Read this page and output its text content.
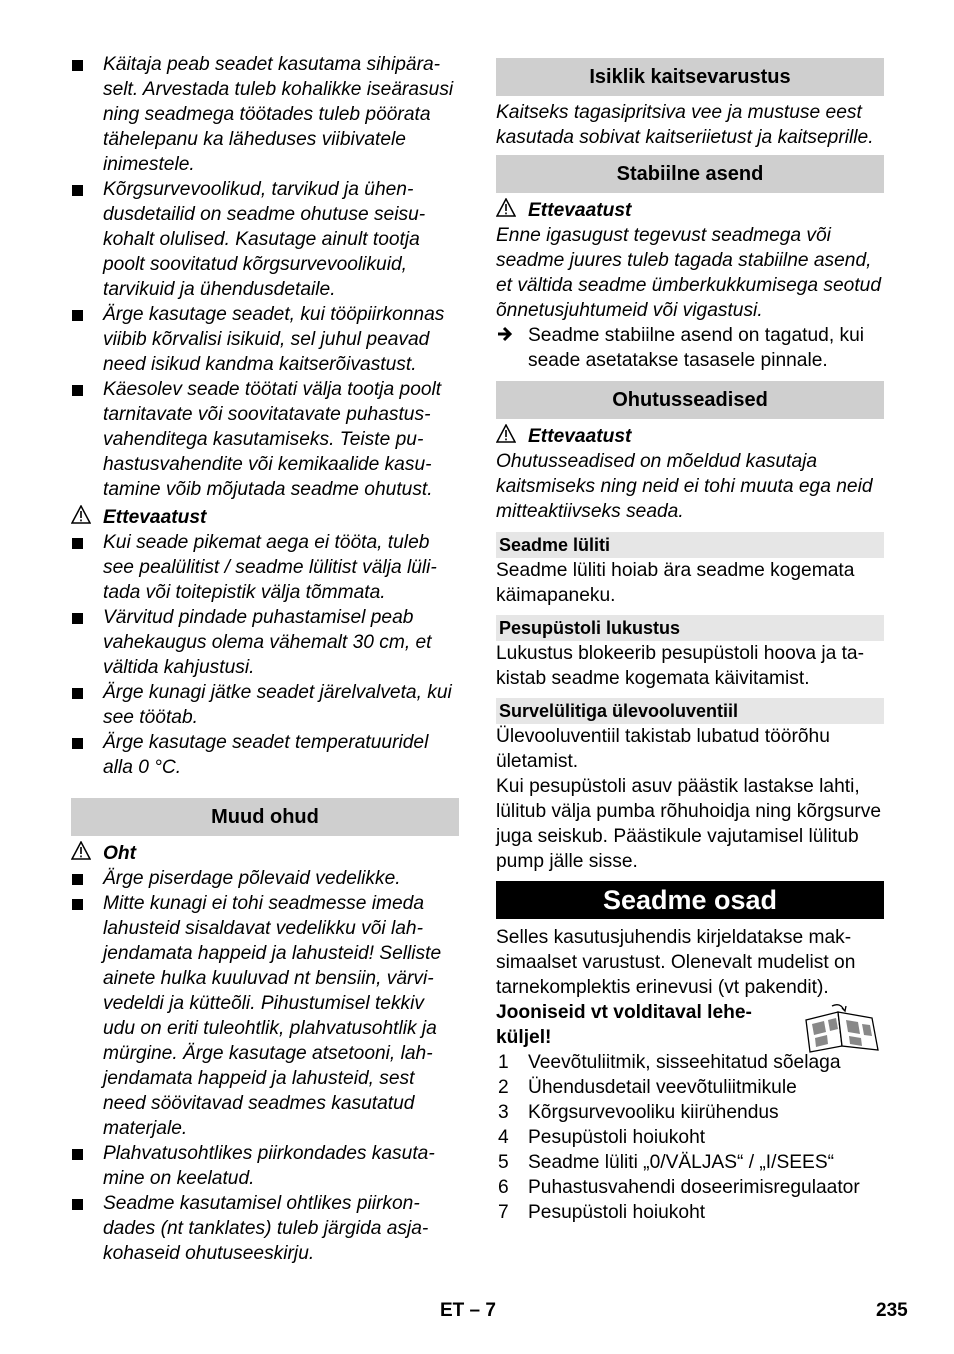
Käitaja peab seadet kasutama sihipäraselt. Arvestada tuleb kohalikke iseärasusi ning seadmega töötades tuleb pöörata tähelepanu ka läheduses viibivatele inimestele.
Kõrgsurvevoolikud, tarvikud ja ühendusdetailid on seadme ohutuse seisukohalt olulised. Kasutage ainult tootja poolt soovitatud kõrgsurvevoolikuid, tarvikuid ja ühendusdetaile.
Ärge kasutage seadet, kui tööpiirkonnas viibib kõrvalisi isikuid, sel juhul peavad need isikud kandma kaitserõivastust.
Käesolev seade töötati välja tootja poolt tarnitavate või soovitatavate puhastusvahenditega kasutamiseks. Teiste puhastusvahendite või kemikaalide kasutamine võib mõjutada seadme ohutust.
Ettevaatust
Kui seade pikemat aega ei tööta, tuleb see pealülitist / seadme lülitist välja lülitada või toitepistik välja tõmmata.
Värvitud pindade puhastamisel peab vahekaugus olema vähemalt 30 cm, et vältida kahjustusi.
Ärge kunagi jätke seadet järelvalveta, kui see töötab.
Ärge kasutage seadet temperatuuridel alla 0 °C.
Muud ohud
Oht
Ärge piserdage põlevaid vedelikke.
Mitte kunagi ei tohi seadmesse imeda lahusteid sisaldavat vedelikku või lahjendamata happeid ja lahusteid! Selliste ainete hulka kuuluvad nt bensiin, värvivedeldi ja kütteõli. Pihustumisel tekkiv udu on eriti tuleohtlik, plahvatusohtlik ja mürgine. Ärge kasutage atsetooni, lahjendamata happeid ja lahusteid, sest need söövitavad seadmes kasutatud materjale.
Plahvatusohtlikes piirkondades kasutamine on keelatud.
Seadme kasutamisel ohtlikes piirkondades (nt tanklates) tuleb järgida asjakohaseid ohutuseeskirju.
Isiklik kaitsevarustus
Kaitseks tagasipritsiva vee ja mustuse eest kasutada sobivat kaitseriietust ja kaitseprille.
Stabiilne asend
Ettevaatust
Enne igasugust tegevust seadmega või seadme juures tuleb tagada stabiilne asend, et vältida seadme ümberkukkumisega seotud õnnetusjuhtumeid või vigastusi.
Seadme stabiilne asend on tagatud, kui seade asetatakse tasasele pinnale.
Ohutusseadised
Ettevaatust
Ohutusseadised on mõeldud kasutaja kaitsmiseks ning neid ei tohi muuta ega neid mitteaktiivseks seada.
Seadme lüliti
Seadme lüliti hoiab ära seadme kogemata käimapaneku.
Pesupüstoli lukustus
Lukustus blokeerib pesupüstoli hoova ja takistab seadme kogemata käivitamist.
Survelülitiga ülevooluventiil
Ülevooluventiil takistab lubatud töörõhu ületamist.
Kui pesupüstoli asuv päästik lastakse lahti, lülitub välja pumba rõhuhoidja ning kõrgsurve juga seiskub. Päästikule vajutamisel lülitub pump jälle sisse.
Seadme osad
Selles kasutusjuhendis kirjeldatakse maksimaalset varustust. Olenevalt mudelist on tarnekomplektis erinevusi (vt pakendit).
Jooniseid vt volditaval leheküljel!
1 Veevõtuliitmik, sisseehitatud sõelaga
2 Ühendusdetail veevõtuliitmikule
3 Kõrgsurvevooliku kiirühendus
4 Pesupüstoli hoiukoht
5 Seadme lüliti „0/VÄLJAS“ / „I/SEES“
6 Puhastusvahendi doseerimisregulaator
7 Pesupüstoli hoiukoht
ET – 7	235
